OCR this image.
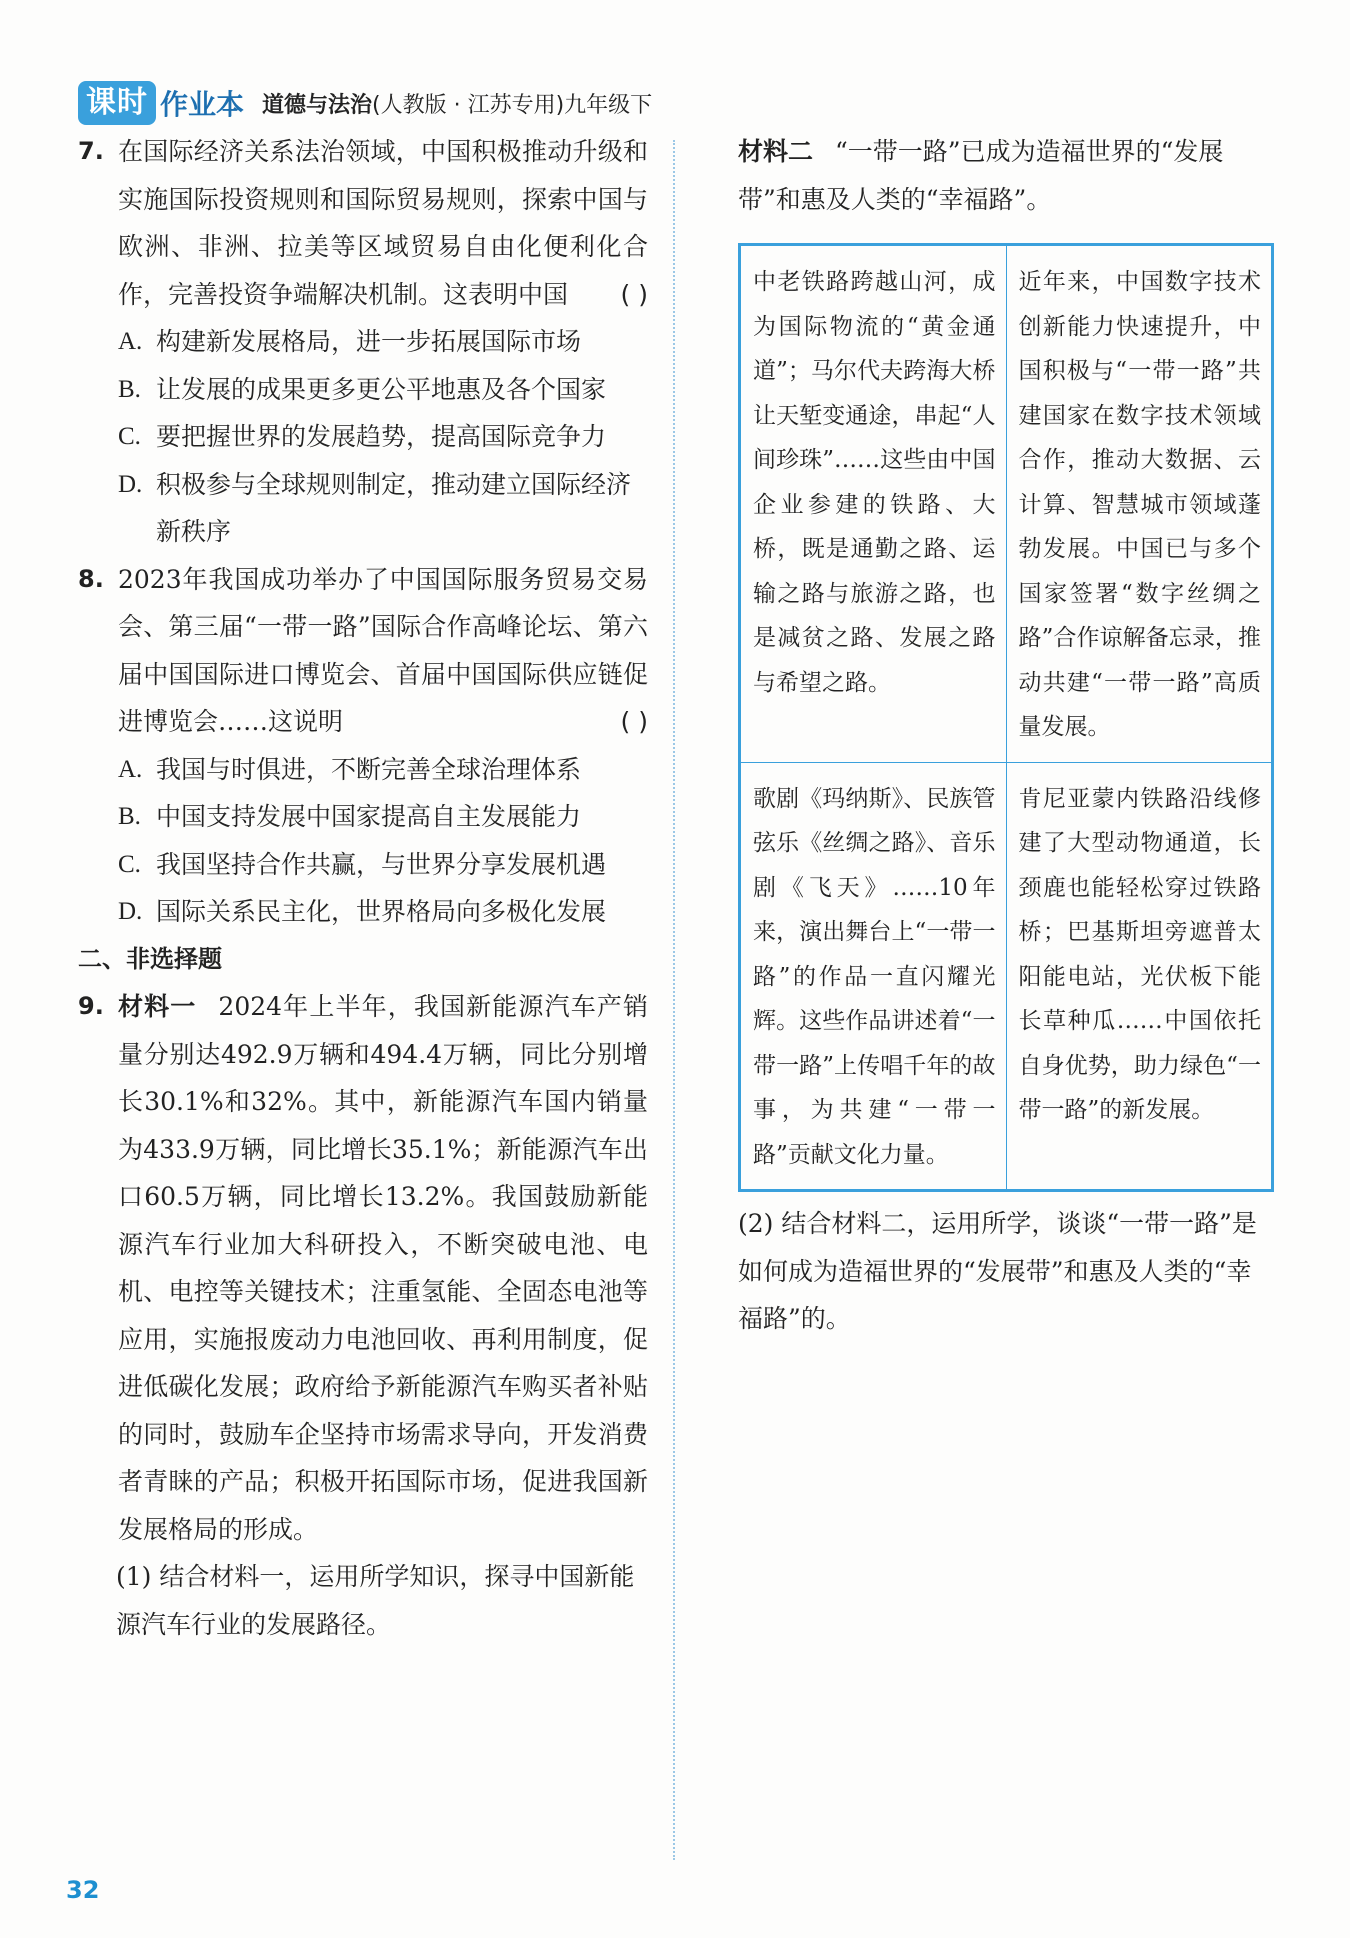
课时 作业本 道德与法治(人教版 · 江苏专用)九年级下
7. 在国际经济关系法治领域，中国积极推动升级和实施国际投资规则和国际贸易规则，探索中国与欧洲、非洲、拉美等区域贸易自由化便利化合作，完善投资争端解决机制。这表明中国 ( )
A. 构建新发展格局，进一步拓展国际市场
B. 让发展的成果更多更公平地惠及各个国家
C. 要把握世界的发展趋势，提高国际竞争力
D. 积极参与全球规则制定，推动建立国际经济新秩序
8. 2023年我国成功举办了中国国际服务贸易交易会、第三届“一带一路”国际合作高峰论坛、第六届中国国际进口博览会、首届中国国际供应链促进博览会……这说明	( )
A. 我国与时俱进，不断完善全球治理体系
B. 中国支持发展中国家提高自主发展能力
C. 我国坚持合作共赢，与世界分享发展机遇
D. 国际关系民主化，世界格局向多极化发展
二、非选择题
9. 材料一 2024年上半年，我国新能源汽车产销量分别达492.9万辆和494.4万辆，同比分别增长30.1%和32%。其中，新能源汽车国内销量为433.9万辆，同比增长35.1%；新能源汽车出口60.5万辆，同比增长13.2%。我国鼓励新能源汽车行业加大科研投入，不断突破电池、电机、电控等关键技术；注重氢能、全固态电池等应用，实施报废动力电池回收、再利用制度，促进低碳化发展；政府给予新能源汽车购买者补贴的同时，鼓励车企坚持市场需求导向，开发消费者青睐的产品；积极开拓国际市场，促进我国新发展格局的形成。
(1) 结合材料一，运用所学知识，探寻中国新能源汽车行业的发展路径。
材料二 “一带一路”已成为造福世界的“发展带”和惠及人类的“幸福路”。
中老铁路跨越山河，成为国际物流的“黄金通道”；马尔代夫跨海大桥让天堑变通途，串起“人间珍珠”……这些由中国企业参建的铁路、大桥，既是通勤之路、运输之路与旅游之路，也是减贫之路、发展之路与希望之路。	近年来，中国数字技术创新能力快速提升，中国积极与“一带一路”共建国家在数字技术领域合作，推动大数据、云计算、智慧城市领域蓬勃发展。中国已与多个国家签署“数字丝绸之路”合作谅解备忘录，推动共建“一带一路”高质量发展。
歌剧《玛纳斯》、民族管弦乐《丝绸之路》、音乐剧《飞天》……10年来，演出舞台上“一带一路”的作品一直闪耀光辉。这些作品讲述着“一带一路”上传唱千年的故事，为共建“一带一路”贡献文化力量。	肯尼亚蒙内铁路沿线修建了大型动物通道，长颈鹿也能轻松穿过铁路桥；巴基斯坦旁遮普太阳能电站，光伏板下能长草种瓜……中国依托自身优势，助力绿色“一带一路”的新发展。
(2) 结合材料二，运用所学，谈谈“一带一路”是如何成为造福世界的“发展带”和惠及人类的“幸福路”的。
32
